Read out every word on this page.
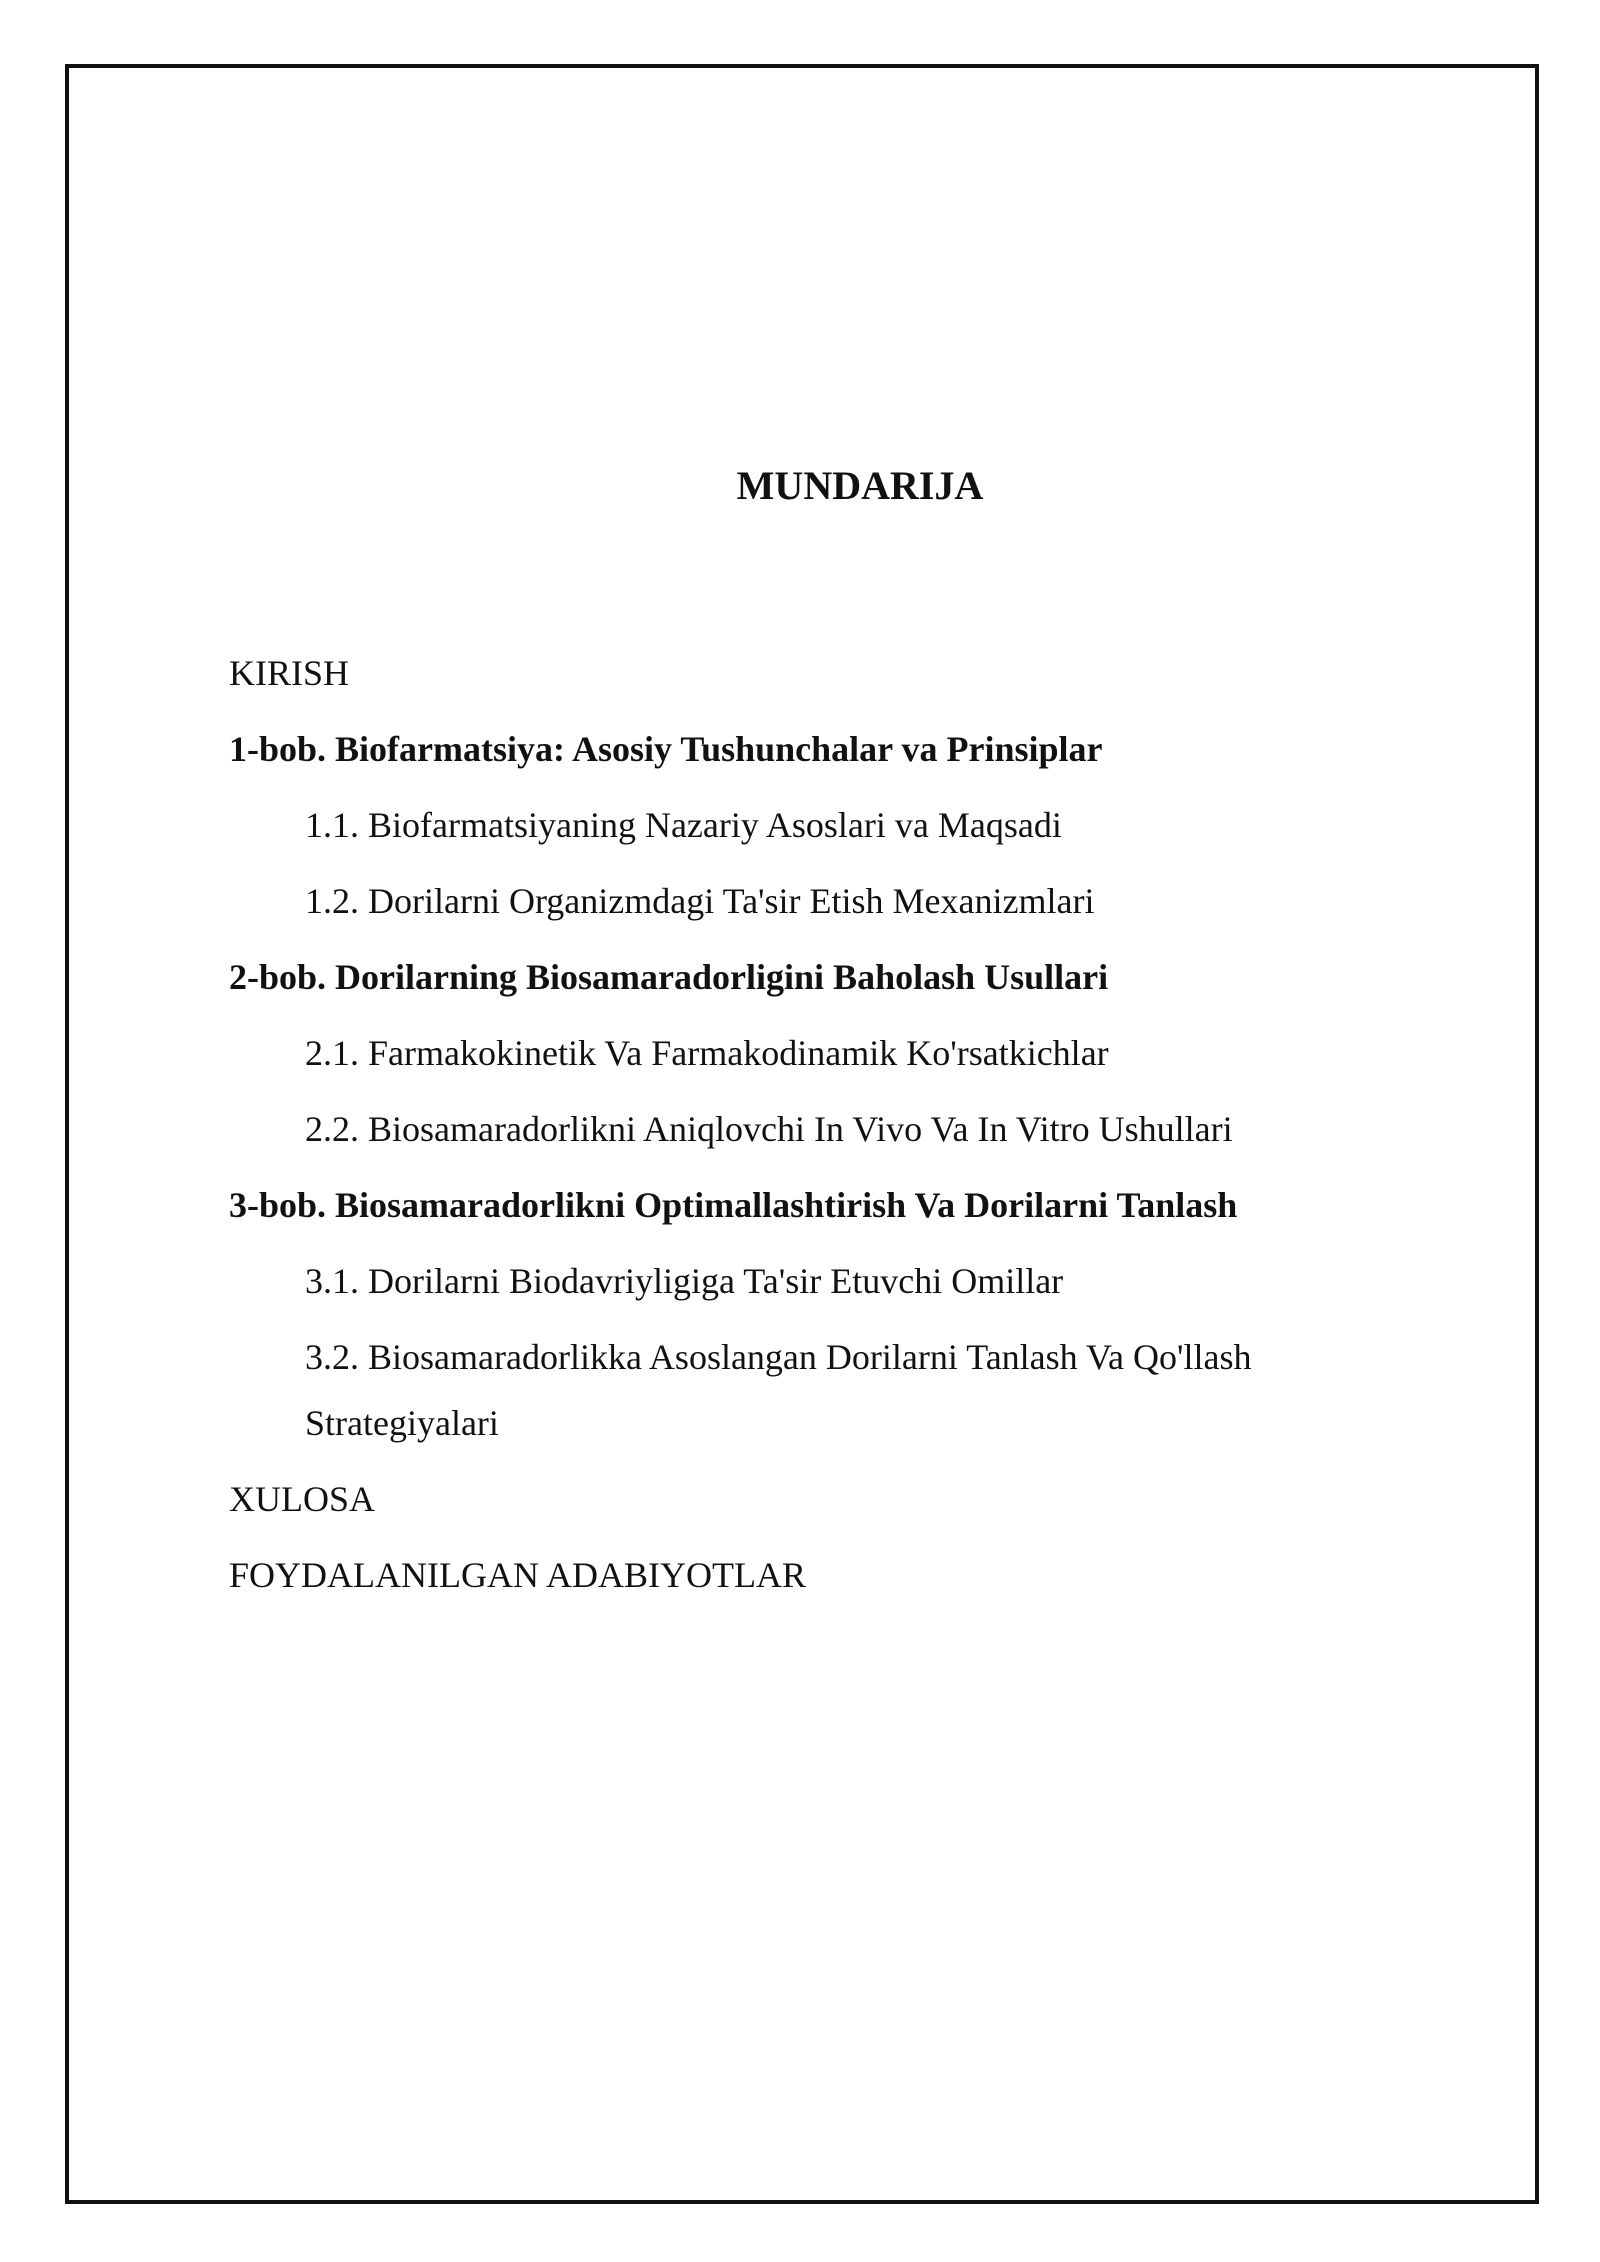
MUNDARIJA
KIRISH
1-bob. Biofarmatsiya: Asosiy Tushunchalar va Prinsiplar
1.1. Biofarmatsiyaning Nazariy Asoslari va Maqsadi
1.2. Dorilarni Organizmdagi Ta'sir Etish Mexanizmlari
2-bob. Dorilarning Biosamaradorligini Baholash Usullari
2.1. Farmakokinetik Va Farmakodinamik Ko'rsatkichlar
2.2. Biosamaradorlikni Aniqlovchi In Vivo Va In Vitro Ushullari
3-bob. Biosamaradorlikni Optimallashtirish Va Dorilarni Tanlash
3.1. Dorilarni Biodavriyligiga Ta'sir Etuvchi Omillar
3.2. Biosamaradorlikka Asoslangan Dorilarni Tanlash Va Qo'llash Strategiyalari
XULOSA
FOYDALANILGAN ADABIYOTLAR
